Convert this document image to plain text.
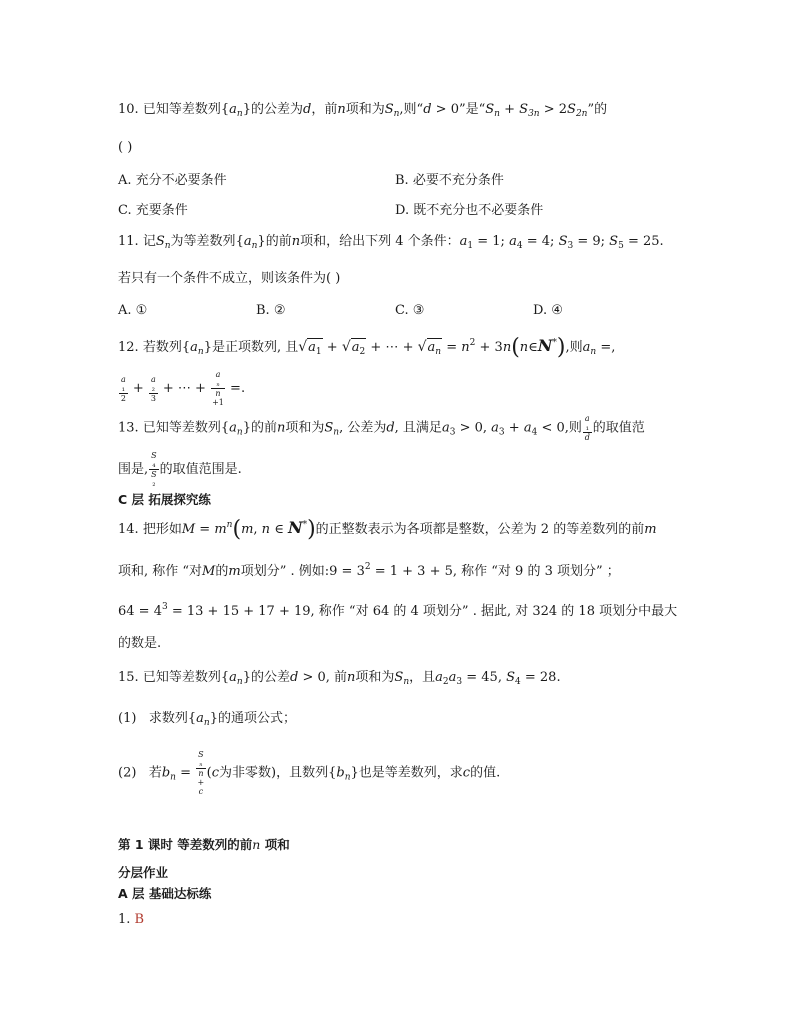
10. 已知等差数列$\{a_n\}$的公差为d，前n项和为$S_n$,则“d > 0”是“$S_n + S_{3n} > 2S_{2n}$”的
( )
A. 充分不必要条件	B. 必要不充分条件
C. 充要条件	D. 既不充分也不必要条件
11. 记$S_n$为等差数列$\{a_n\}$的前n项和，给出下列 4 个条件：$a_1 = 1$; $a_4 = 4$; $S_3 = 9$; $S_5 = 25$.
若只有一个条件不成立，则该条件为( )
A. ①	B. ②	C. ③	D. ④
12. 若数列$\{a_n\}$是正项数列, 且$√a_1 + √a_2$ + ⋯ + $√a_n = n^2$ + 3n(n∈N*),则$a_n$ =,
a
₁
2 + a
₂
3 + ⋯ + a
ₙ
n
+1 =.
13. 已知等差数列$\{a_n\}$的前n项和为$S_n$, 公差为d, 且满足$a_3 > 0$, $a_3 + a_4 < 0$,则 a
₁
d 的取值范
围是, S
₄
S
₂ 的取值范围是.
C 层 拓展探究练
14. 把形如$M = m^n(m$, n ∈ N*)的正整数表示为各项都是整数，公差为 2 的等差数列的前m
项和, 称作 “对M的m项划分” . 例如:9 = $3^2 = 1 + 3 + 5$, 称作 “对 9 的 3 项划分” ；
$64 = 4^3 = 13 + 15 + 17 + 19$, 称作 “对 64 的 4 项划分” . 据此, 对 324 的 18 项划分中最大
的数是.
15. 已知等差数列$\{a_n\}$的公差d > 0, 前n项和为$S_n$，且$a_2a_3 = 45$, $S_4 = 28$.
(1) 求数列$\{a_n\}$的通项公式；
(2) 若$b_n = S$
ₙ
n
+
c (c为非零数)，且数列$\{b_n\}$也是等差数列，求c的值.
第 1 课时 等差数列的前n 项和
分层作业
A 层 基础达标练
1. B
